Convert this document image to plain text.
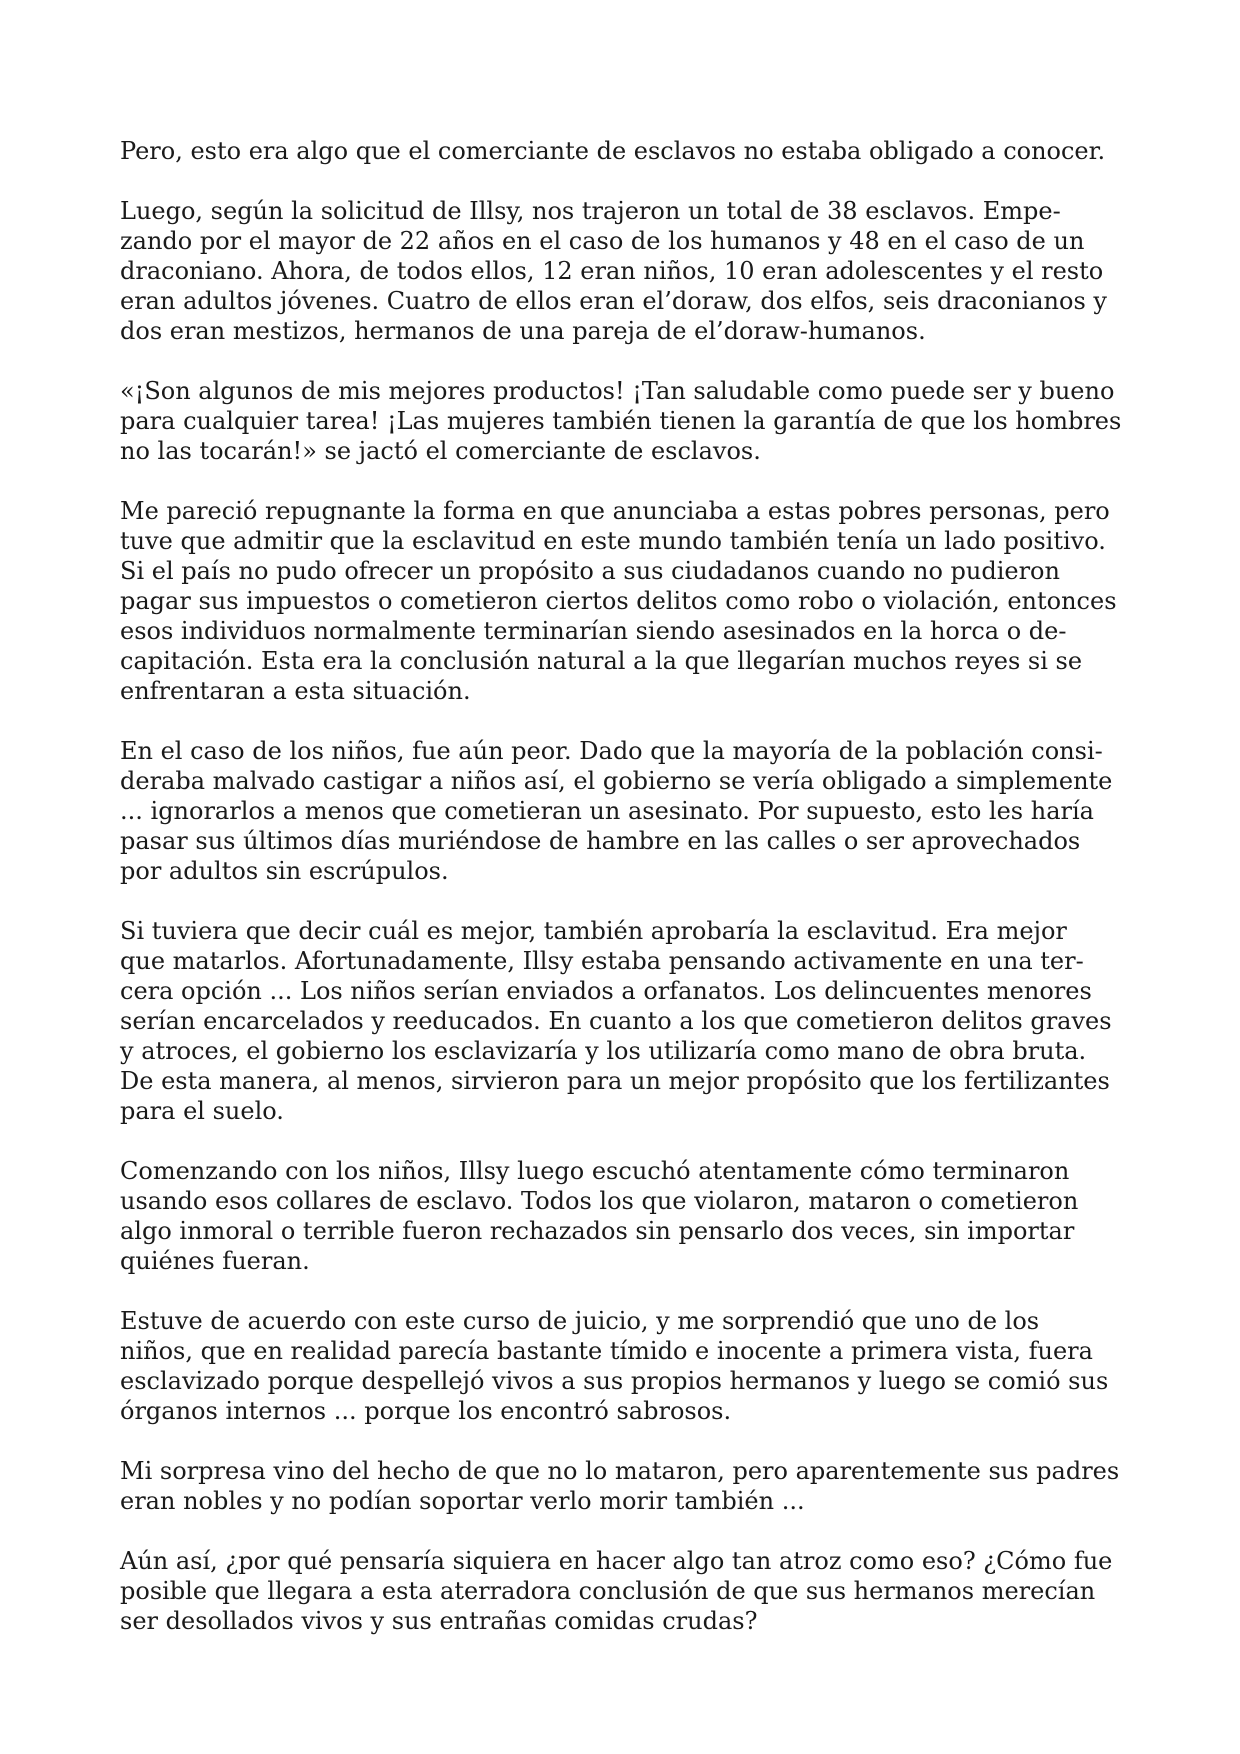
Pero, esto era algo que el comerciante de esclavos no estaba obligado a conocer.

Luego, según la solicitud de Illsy, nos trajeron un total de 38 esclavos. Empe-
zando por el mayor de 22 años en el caso de los humanos y 48 en el caso de un
draconiano. Ahora, de todos ellos, 12 eran niños, 10 eran adolescentes y el resto
eran adultos jóvenes. Cuatro de ellos eran el’doraw, dos elfos, seis draconianos y
dos eran mestizos, hermanos de una pareja de el’doraw-humanos.

«¡Son algunos de mis mejores productos! ¡Tan saludable como puede ser y bueno
para cualquier tarea! ¡Las mujeres también tienen la garantía de que los hombres
no las tocarán!» se jactó el comerciante de esclavos.

Me pareció repugnante la forma en que anunciaba a estas pobres personas, pero
tuve que admitir que la esclavitud en este mundo también tenía un lado positivo.
Si el país no pudo ofrecer un propósito a sus ciudadanos cuando no pudieron
pagar sus impuestos o cometieron ciertos delitos como robo o violación, entonces
esos individuos normalmente terminarían siendo asesinados en la horca o de-
capitación. Esta era la conclusión natural a la que llegarían muchos reyes si se
enfrentaran a esta situación.

En el caso de los niños, fue aún peor. Dado que la mayoría de la población consi-
deraba malvado castigar a niños así, el gobierno se vería obligado a simplemente
... ignorarlos a menos que cometieran un asesinato. Por supuesto, esto les haría
pasar sus últimos días muriéndose de hambre en las calles o ser aprovechados
por adultos sin escrúpulos.

Si tuviera que decir cuál es mejor, también aprobaría la esclavitud. Era mejor
que matarlos. Afortunadamente, Illsy estaba pensando activamente en una ter-
cera opción ... Los niños serían enviados a orfanatos. Los delincuentes menores
serían encarcelados y reeducados. En cuanto a los que cometieron delitos graves
y atroces, el gobierno los esclavizaría y los utilizaría como mano de obra bruta.
De esta manera, al menos, sirvieron para un mejor propósito que los fertilizantes
para el suelo.

Comenzando con los niños, Illsy luego escuchó atentamente cómo terminaron
usando esos collares de esclavo. Todos los que violaron, mataron o cometieron
algo inmoral o terrible fueron rechazados sin pensarlo dos veces, sin importar
quiénes fueran.

Estuve de acuerdo con este curso de juicio, y me sorprendió que uno de los
niños, que en realidad parecía bastante tímido e inocente a primera vista, fuera
esclavizado porque despellejó vivos a sus propios hermanos y luego se comió sus
órganos internos ... porque los encontró sabrosos.

Mi sorpresa vino del hecho de que no lo mataron, pero aparentemente sus padres
eran nobles y no podían soportar verlo morir también ...

Aún así, ¿por qué pensaría siquiera en hacer algo tan atroz como eso? ¿Cómo fue
posible que llegara a esta aterradora conclusión de que sus hermanos merecían
ser desollados vivos y sus entrañas comidas crudas?
